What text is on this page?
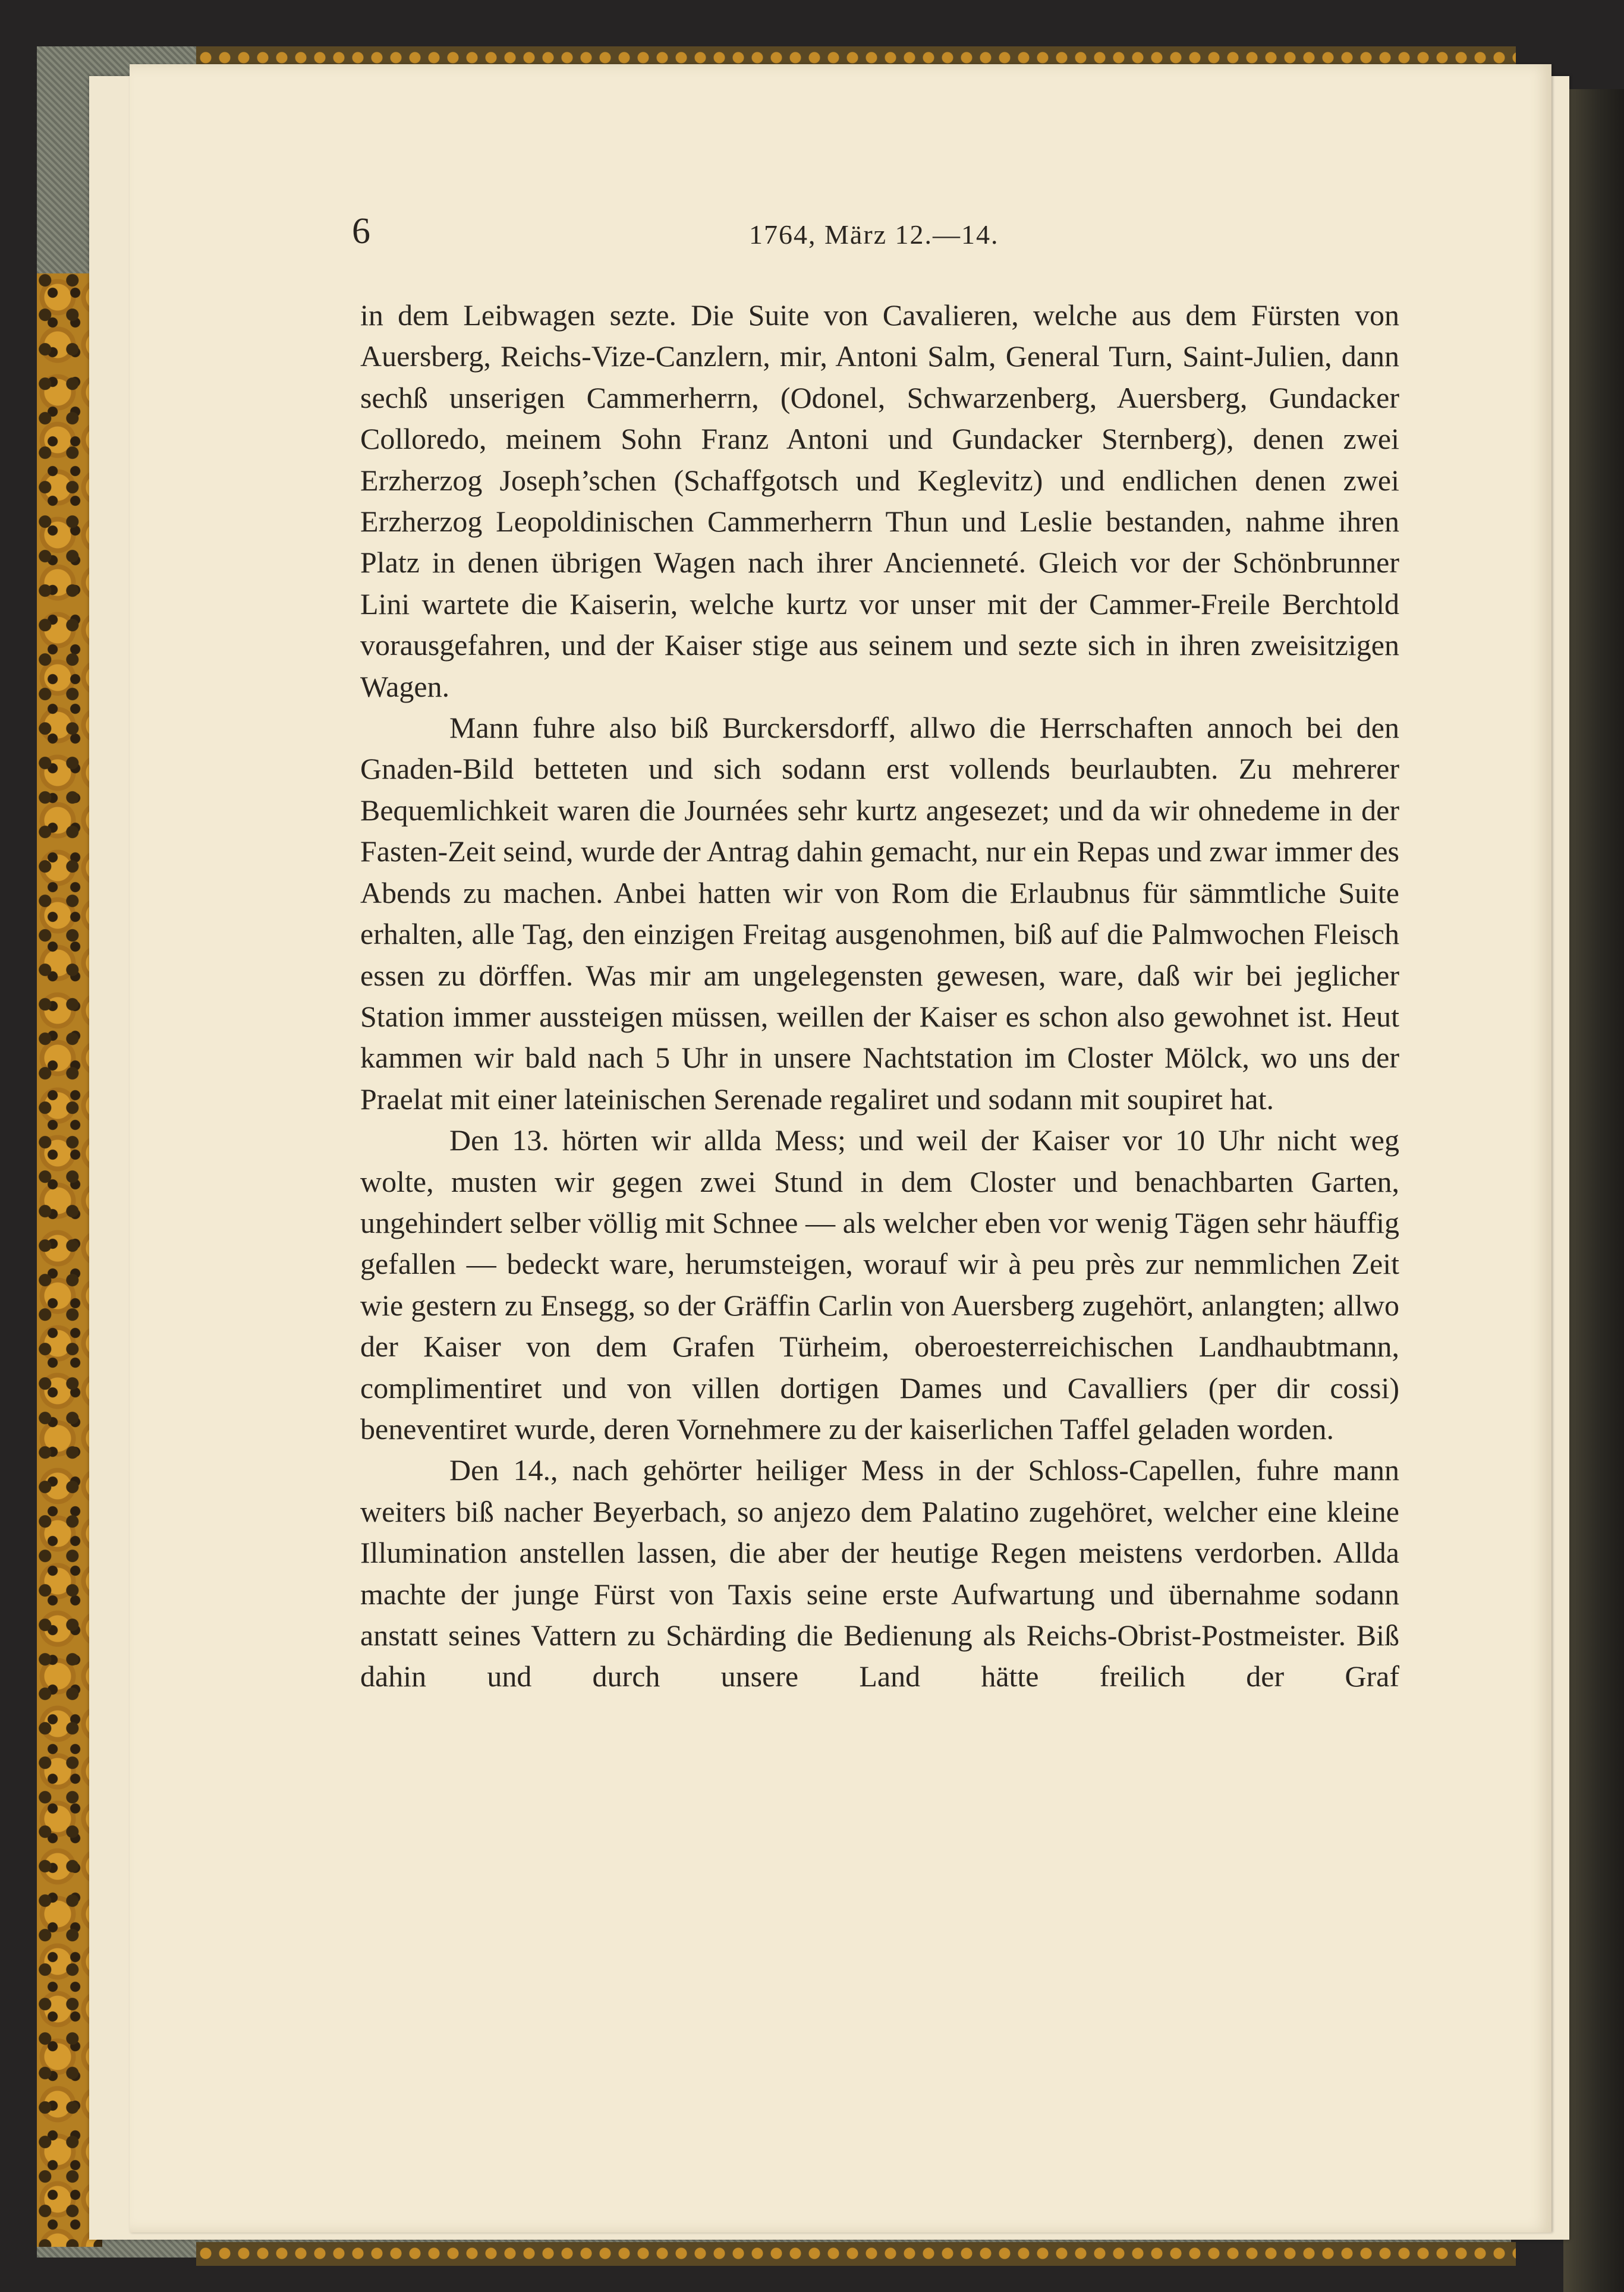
6	1764, März 12.—14.

in dem Leibwagen sezte. Die Suite von Cavalieren, welche aus dem Fürsten von Auersberg, Reichs-Vize-Canzlern, mir, Antoni Salm, General Turn, Saint-Julien, dann sechß unserigen Cammerherrn, (Odonel, Schwarzenberg, Auersberg, Gundacker Colloredo, meinem Sohn Franz Antoni und Gundacker Sternberg), denen zwei Erzherzog Joseph’schen (Schaffgotsch und Keglevitz) und endlichen denen zwei Erzherzog Leopoldinischen Cammerherrn Thun und Leslie bestanden, nahme ihren Platz in denen übrigen Wagen nach ihrer Ancienneté. Gleich vor der Schönbrunner Lini wartete die Kaiserin, welche kurtz vor unser mit der Cammer-Freile Berchtold vorausgefahren, und der Kaiser stige aus seinem und sezte sich in ihren zweisitzigen Wagen.

Mann fuhre also biß Burckersdorff, allwo die Herrschaften annoch bei den Gnaden-Bild betteten und sich sodann erst vollends beurlaubten. Zu mehrerer Bequemlichkeit waren die Journées sehr kurtz angesezet; und da wir ohnedeme in der Fasten-Zeit seind, wurde der Antrag dahin gemacht, nur ein Repas und zwar immer des Abends zu machen. Anbei hatten wir von Rom die Erlaubnus für sämmtliche Suite erhalten, alle Tag, den einzigen Freitag ausgenohmen, biß auf die Palmwochen Fleisch essen zu dörffen. Was mir am ungelegensten gewesen, ware, daß wir bei jeglicher Station immer aussteigen müssen, weillen der Kaiser es schon also gewohnet ist. Heut kammen wir bald nach 5 Uhr in unsere Nachtstation im Closter Mölck, wo uns der Praelat mit einer lateinischen Serenade regaliret und sodann mit soupiret hat.

Den 13. hörten wir allda Mess; und weil der Kaiser vor 10 Uhr nicht weg wolte, musten wir gegen zwei Stund in dem Closter und benachbarten Garten, ungehindert selber völlig mit Schnee — als welcher eben vor wenig Tägen sehr häuffig gefallen — bedeckt ware, herumsteigen, worauf wir à peu près zur nemmlichen Zeit wie gestern zu Ensegg, so der Gräffin Carlin von Auersberg zugehört, anlangten; allwo der Kaiser von dem Grafen Türheim, oberoesterreichischen Landhaubtmann, complimentiret und von villen dortigen Dames und Cavalliers (per dir cossi) beneventiret wurde, deren Vornehmere zu der kaiserlichen Taffel geladen worden.

Den 14., nach gehörter heiliger Mess in der Schloss-Capellen, fuhre mann weiters biß nacher Beyerbach, so anjezo dem Palatino zugehöret, welcher eine kleine Illumination anstellen lassen, die aber der heutige Regen meistens verdorben. Allda machte der junge Fürst von Taxis seine erste Aufwartung und übernahme sodann anstatt seines Vattern zu Schärding die Bedienung als Reichs-Obrist-Postmeister. Biß dahin und durch unsere Land hätte freilich der Graf
